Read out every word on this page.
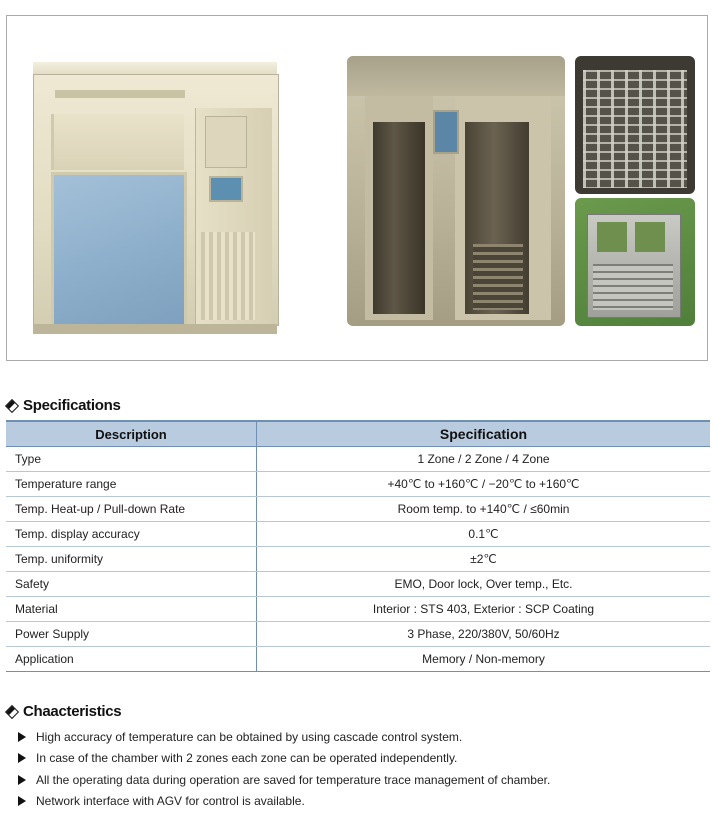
Specifications
Description	Specification
Type	1 Zone / 2 Zone / 4 Zone
Temperature range	+40℃ to +160℃ / −20℃ to +160℃
Temp. Heat-up / Pull-down Rate	Room temp. to +140℃ / ≤60min
Temp. display accuracy	0.1℃
Temp. uniformity	±2℃
Safety	EMO, Door lock, Over temp., Etc.
Material	Interior : STS 403, Exterior : SCP Coating
Power Supply	3 Phase, 220/380V, 50/60Hz
Application	Memory / Non-memory
Chaacteristics
High accuracy of temperature can be obtained by using cascade control system.
In case of the chamber with 2 zones each zone can be operated independently.
All the operating data during operation are saved for temperature trace management of chamber.
Network interface with AGV for control is available.
